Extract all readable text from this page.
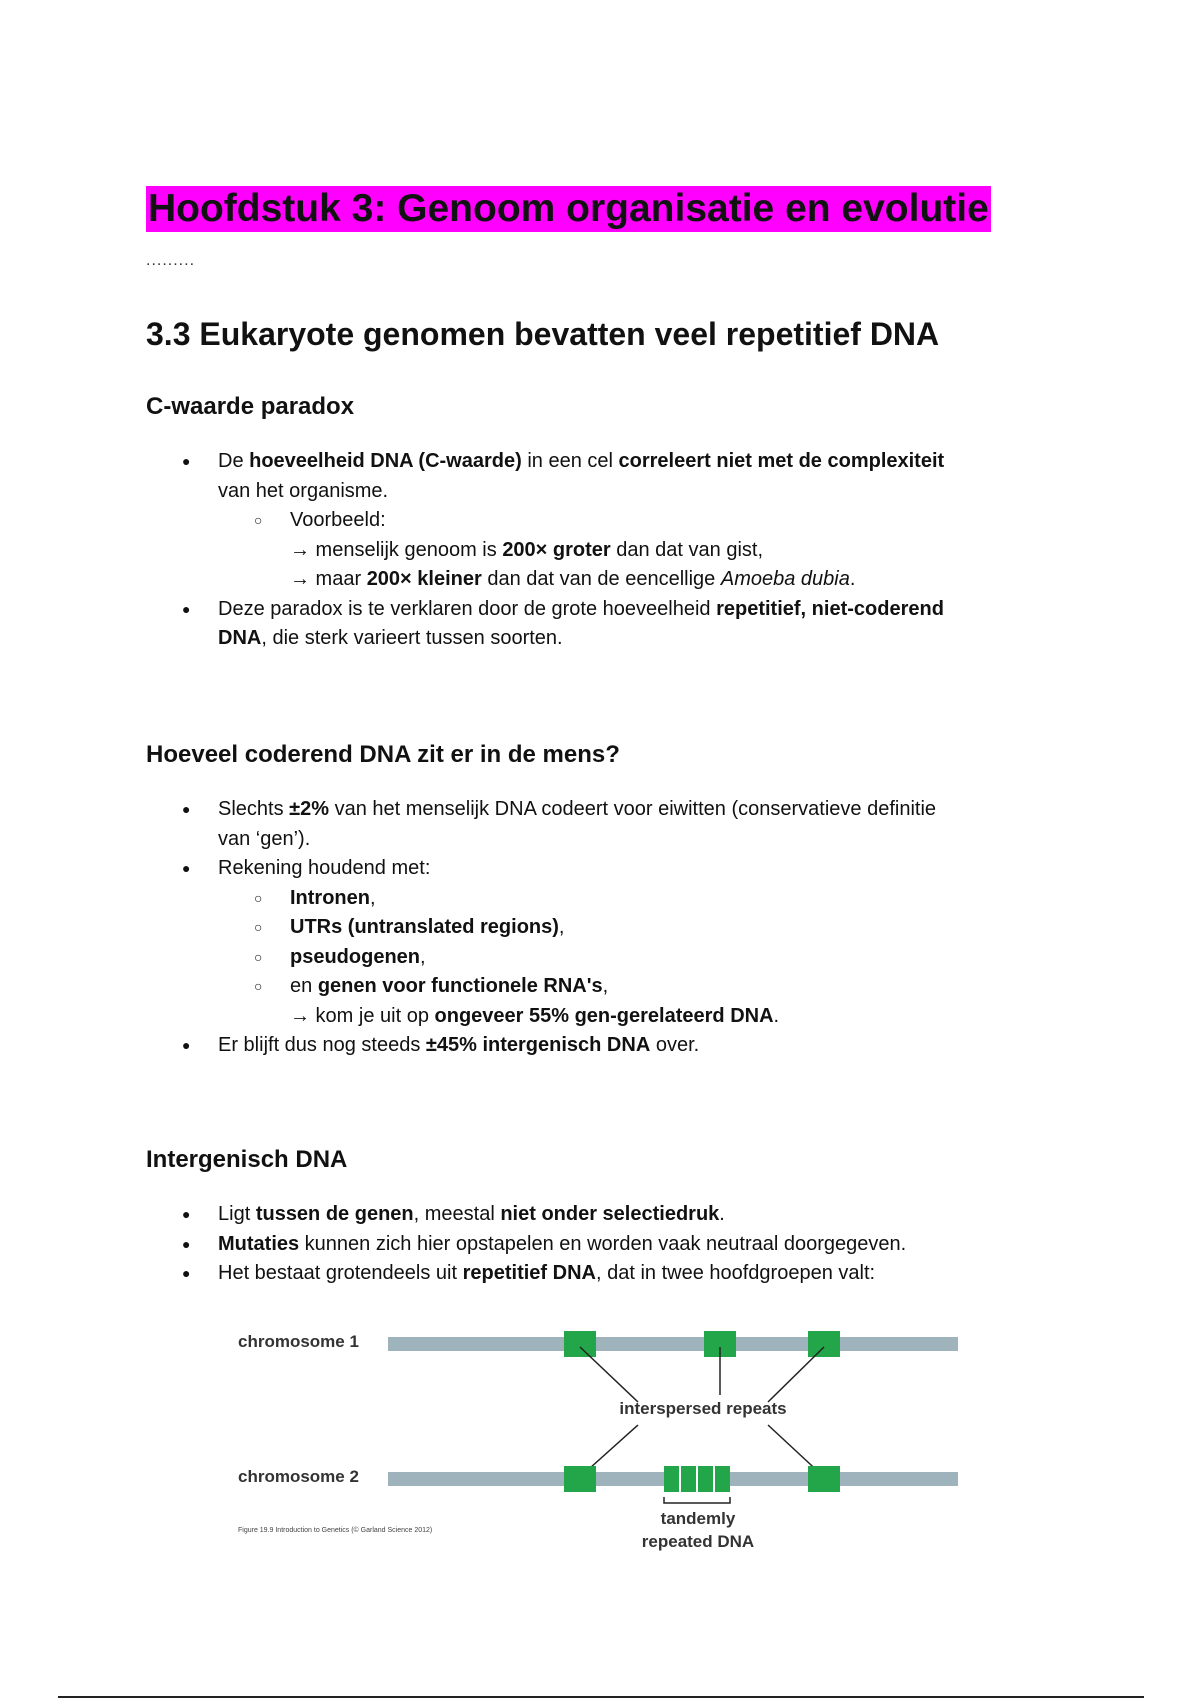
Hoofdstuk 3: Genoom organisatie en evolutie
.........
3.3 Eukaryote genomen bevatten veel repetitief DNA
C-waarde paradox
● De hoeveelheid DNA (C-waarde) in een cel correleert niet met de complexiteit
van het organisme.
○ Voorbeeld:
→ menselijk genoom is 200× groter dan dat van gist,
→ maar 200× kleiner dan dat van de eencellige Amoeba dubia.
● Deze paradox is te verklaren door de grote hoeveelheid repetitief, niet-coderend
DNA, die sterk varieert tussen soorten.
Hoeveel coderend DNA zit er in de mens?
● Slechts ±2% van het menselijk DNA codeert voor eiwitten (conservatieve definitie
van ‘gen’).
● Rekening houdend met:
○ Intronen,
○ UTRs (untranslated regions),
○ pseudogenen,
○ en genen voor functionele RNA's,
→ kom je uit op ongeveer 55% gen-gerelateerd DNA.
● Er blijft dus nog steeds ±45% intergenisch DNA over.
Intergenisch DNA
● Ligt tussen de genen, meestal niet onder selectiedruk.
● Mutaties kunnen zich hier opstapelen en worden vaak neutraal doorgegeven.
● Het bestaat grotendeels uit repetitief DNA, dat in twee hoofdgroepen valt:
chromosome 1
interspersed repeats
chromosome 2
tandemly
repeated DNA
Figure 19.9 Introduction to Genetics (© Garland Science 2012)
